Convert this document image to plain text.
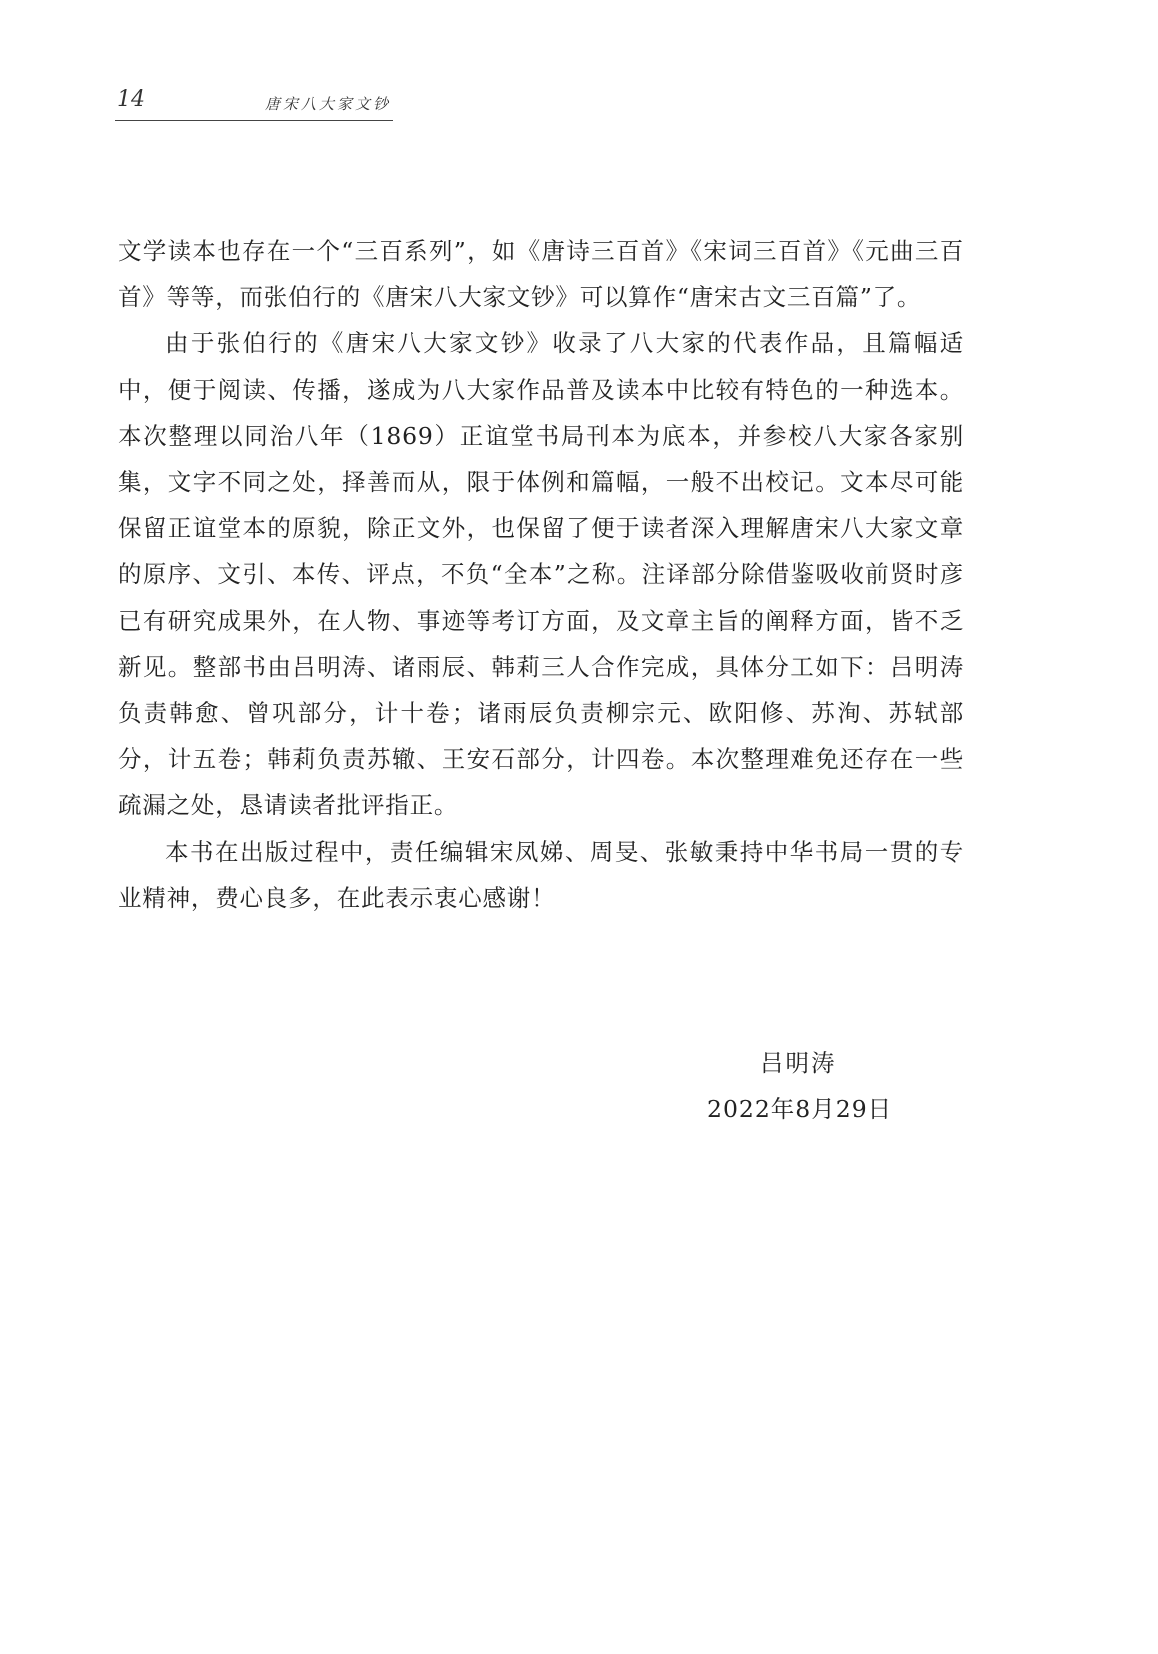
14	唐宋八大家文钞

文学读本也存在一个“三百系列”，如《唐诗三百首》《宋词三百首》《元曲三百首》等等，而张伯行的《唐宋八大家文钞》可以算作“唐宋古文三百篇”了。

由于张伯行的《唐宋八大家文钞》收录了八大家的代表作品，且篇幅适中，便于阅读、传播，遂成为八大家作品普及读本中比较有特色的一种选本。本次整理以同治八年（1869）正谊堂书局刊本为底本，并参校八大家各家别集，文字不同之处，择善而从，限于体例和篇幅，一般不出校记。文本尽可能保留正谊堂本的原貌，除正文外，也保留了便于读者深入理解唐宋八大家文章的原序、文引、本传、评点，不负“全本”之称。注译部分除借鉴吸收前贤时彦已有研究成果外，在人物、事迹等考订方面，及文章主旨的阐释方面，皆不乏新见。整部书由吕明涛、诸雨辰、韩莉三人合作完成，具体分工如下：吕明涛负责韩愈、曾巩部分，计十卷；诸雨辰负责柳宗元、欧阳修、苏洵、苏轼部分，计五卷；韩莉负责苏辙、王安石部分，计四卷。本次整理难免还存在一些疏漏之处，恳请读者批评指正。

本书在出版过程中，责任编辑宋凤娣、周旻、张敏秉持中华书局一贯的专业精神，费心良多，在此表示衷心感谢！

吕明涛
2022年8月29日
